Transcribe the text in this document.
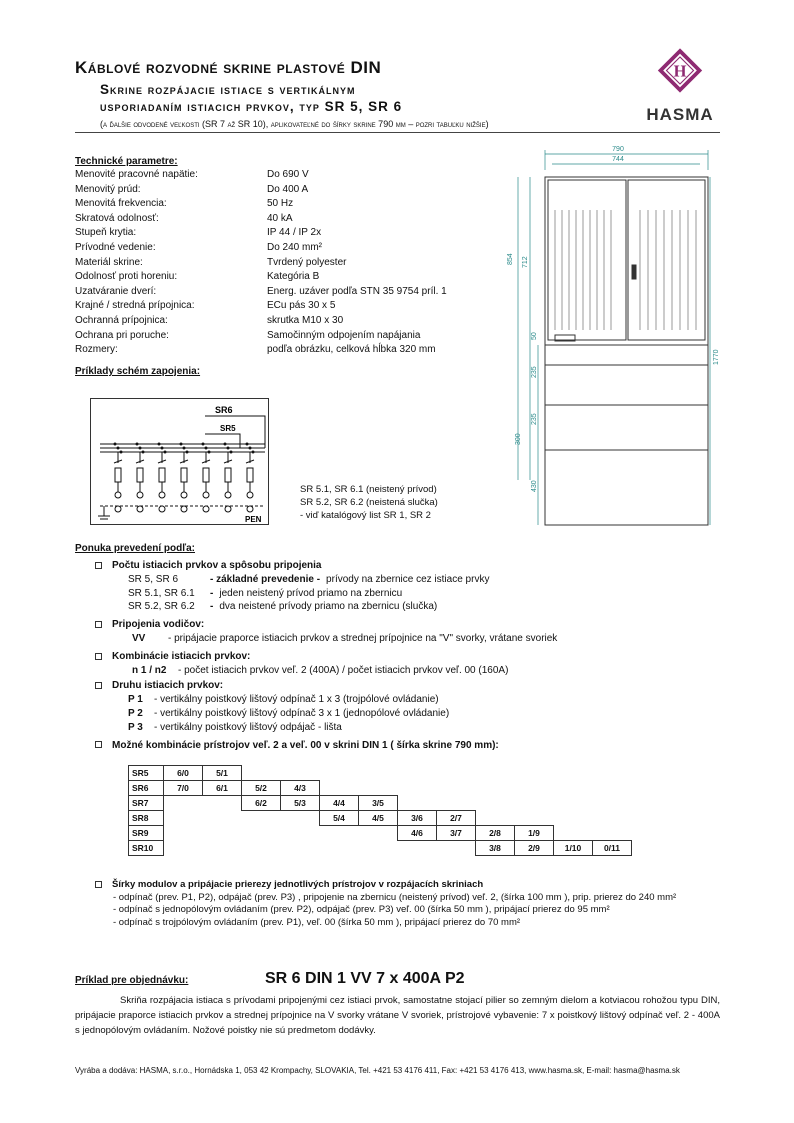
Káblové rozvodné skrine plastové DIN
Skrine rozpájacie istiace s vertikálnym
usporiadaním istiacich prvkov, typ SR 5, SR 6
(a ďalšie odvodené veľkosti (SR 7 až SR 10), aplikovateľné do šírky skrine 790 mm – pozri tabuľku nižšie)
H
HASMA
Technické parametre:
Menovité pracovné napätie:	Do 690 V
Menovitý prúd:	Do 400 A
Menovitá frekvencia:	50 Hz
Skratová odolnosť:	40 kA
Stupeň krytia:	IP 44 / IP 2x
Prívodné vedenie:	Do 240 mm²
Materiál skrine:	Tvrdený polyester
Odolnosť proti horeniu:	Kategória B
Uzatváranie dverí:	Energ. uzáver podľa STN 35 9754 príl. 1
Krajné / stredná prípojnica:	ECu pás 30 x 5
Ochranná prípojnica:	skrutka M10 x 30
Ochrana pri poruche:	Samočinným odpojením napájania
Rozmery:	podľa obrázku, celková hĺbka 320 mm
790
744
854 712
50
235
235
300
430
1770
Príklady schém zapojenia:
SR6
SR5
PEN
SR 5.1, SR 6.1 (neistený prívod)
SR 5.2, SR 6.2 (neistená slučka)
- viď katalógový list SR 1, SR 2
Ponuka prevedení podľa:
Počtu istiacich prvkov a spôsobu pripojenia
SR 5, SR 6	- základné prevedenie - prívody na zbernice cez istiace prvky
SR 5.1, SR 6.1 - jeden neistený prívod priamo na zbernicu
SR 5.2, SR 6.2 - dva neistené prívody priamo na zbernicu (slučka)
Pripojenia vodičov:
VV - pripájacie praporce istiacich prvkov a strednej prípojnice na "V" svorky, vrátane svoriek
Kombinácie istiacich prvkov:
n 1 / n2 - počet istiacich prvkov veľ. 2 (400A) / počet istiacich prvkov veľ. 00 (160A)
Druhu istiacich prvkov:
P 1 - vertikálny poistkový lištový odpínač 1 x 3 (trojpólové ovládanie)
P 2 - vertikálny poistkový lištový odpínač 3 x 1 (jednopólové ovládanie)
P 3 - vertikálny poistkový lištový odpájač - lišta
Možné kombinácie prístrojov veľ. 2 a veľ. 00 v skrini DIN 1 ( šírka skrine 790 mm):
SR5	6/0	5/1										
SR6	7/0	6/1	5/2	4/3								
SR7			6/2	5/3	4/4	3/5						
SR8					5/4	4/5	3/6	2/7				
SR9							4/6	3/7	2/8	1/9		
SR10									3/8	2/9	1/10	0/11
Šírky modulov a pripájacie prierezy jednotlivých prístrojov v rozpájacích skriniach
- odpínač (prev. P1, P2), odpájač (prev. P3) , pripojenie na zbernicu (neistený prívod) veľ. 2, (šírka 100 mm ), prip. prierez do 240 mm²
- odpínač s jednopólovým ovládaním (prev. P2), odpájač (prev. P3) veľ. 00 (šírka 50 mm ), pripájací prierez do 95 mm²
- odpínač s trojpólovým ovládaním (prev. P1), veľ. 00 (šírka 50 mm ), pripájací prierez do 70 mm²
Príklad pre objednávku:	SR 6 DIN 1 VV 7 x 400A P2
Skriňa rozpájacia istiaca s prívodami pripojenými cez istiaci prvok, samostatne stojací pilier so zemným dielom a kotviacou rohožou typu DIN, pripájacie praporce istiacich prvkov a strednej prípojnice na V svorky vrátane V svoriek, prístrojové vybavenie: 7 x poistkový lištový odpínač veľ. 2 - 400A s jednopólovým ovládaním. Nožové poistky nie sú predmetom dodávky.
Vyrába a dodáva: HASMA, s.r.o., Hornádska 1, 053 42 Krompachy, SLOVAKIA, Tel. +421 53 4176 411, Fax: +421 53 4176 413, www.hasma.sk, E-mail: hasma@hasma.sk
